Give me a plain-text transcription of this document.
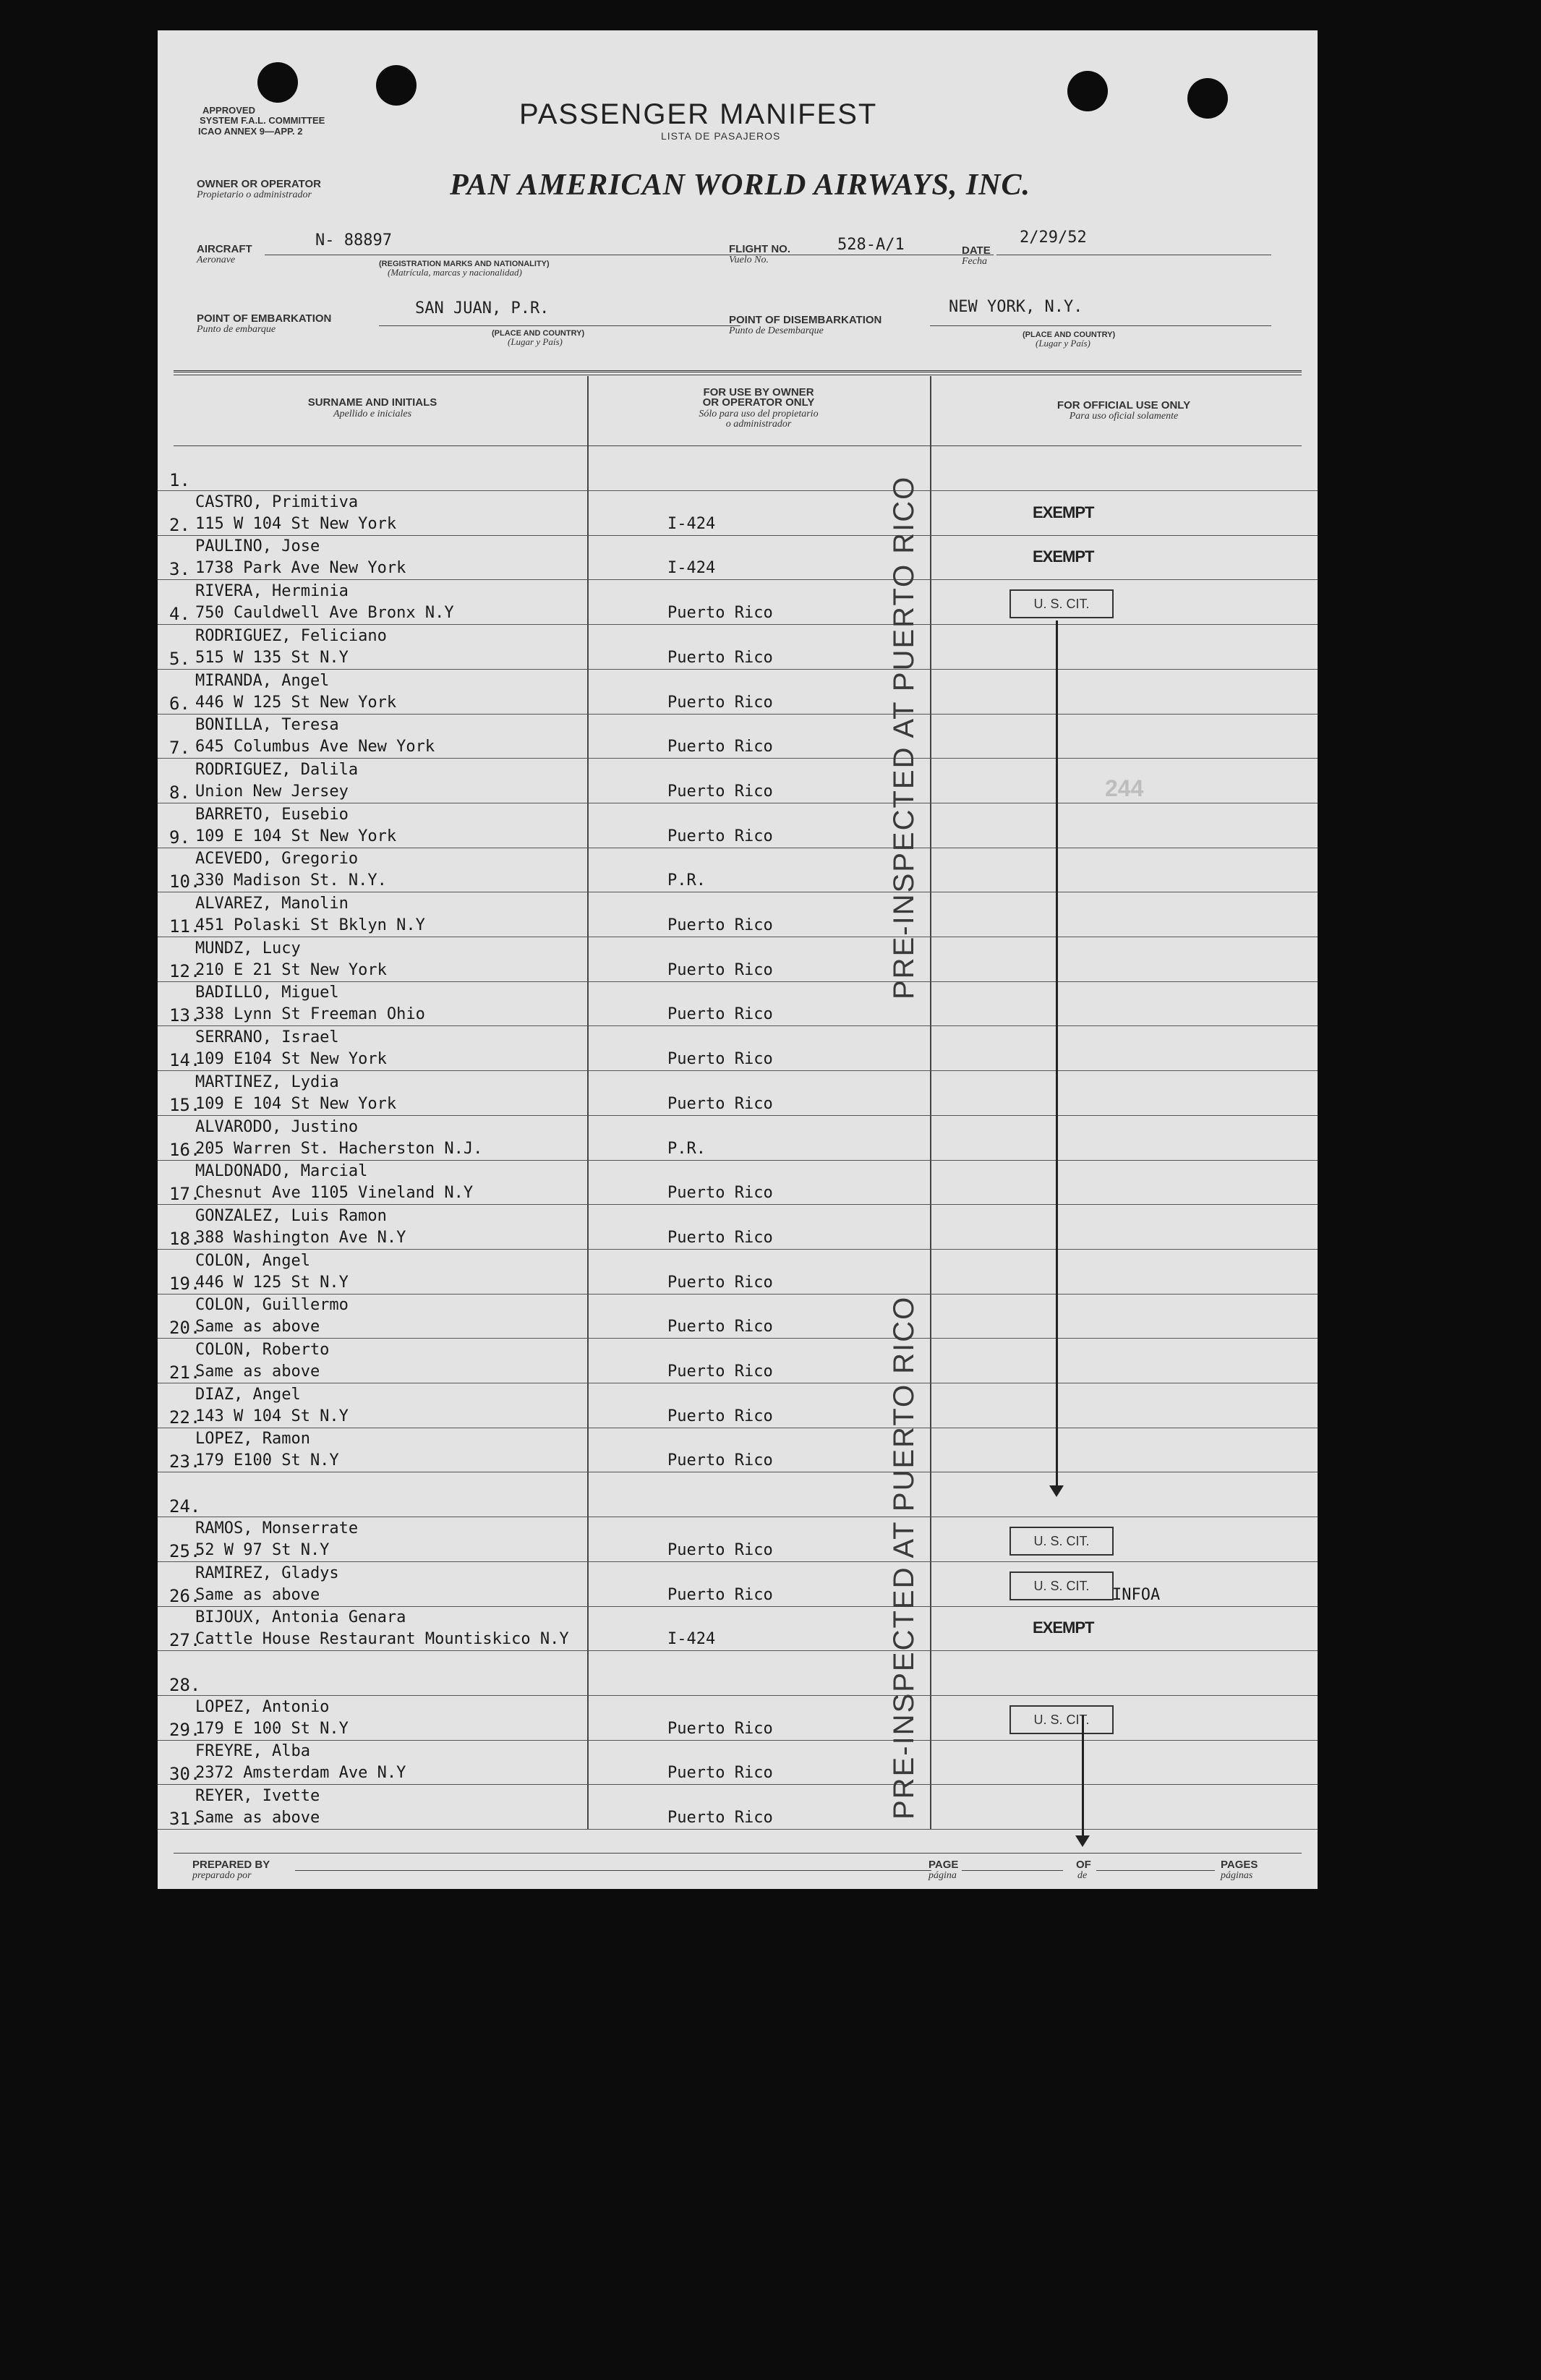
APPROVED
SYSTEM F.A.L. COMMITTEE
ICAO ANNEX 9—APP. 2
PASSENGER MANIFEST
LISTA DE PASAJEROS
OWNER OR OPERATOR
Propietario o administrador	PAN AMERICAN WORLD AIRWAYS, INC.
AIRCRAFT
Aeronave
N- 88897
(REGISTRATION MARKS AND NATIONALITY)
(Matrícula, marcas y nacionalidad)
FLIGHT NO.
Vuelo No.
528-A/1	DATE
Fecha
2/29/52
POINT OF EMBARKATION
Punto de embarque
SAN JUAN, P.R.
(PLACE AND COUNTRY)
(Lugar y País)
POINT OF DISEMBARKATION
Punto de Desembarque
NEW YORK, N.Y.
(PLACE AND COUNTRY)
(Lugar y País)
SURNAME AND INITIALS
Apellido e iniciales
FOR USE BY OWNER
OR OPERATOR ONLY
Sólo para uso del propietario
o administrador
FOR OFFICIAL USE ONLY
Para uso oficial solamente
1.
2.
CASTRO, Primitiva
115 W 104 St New York	I-424
EXEMPT
3.
PAULINO, Jose
1738 Park Ave New York	I-424
EXEMPT
4.
RIVERA, Herminia
750 Cauldwell Ave Bronx N.Y	Puerto Rico	U. S. CIT.
5.
RODRIGUEZ, Feliciano
515 W 135 St N.Y	Puerto Rico
6.
MIRANDA, Angel
446 W 125 St New York	Puerto Rico
7.
BONILLA, Teresa
645 Columbus Ave New York	Puerto Rico
8.
RODRIGUEZ, Dalila
Union New Jersey	Puerto Rico
9.
BARRETO, Eusebio
109 E 104 St New York	Puerto Rico
10.
ACEVEDO, Gregorio
330 Madison St. N.Y.	P.R.
11.
ALVAREZ, Manolin
451 Polaski St Bklyn N.Y	Puerto Rico
12.
MUNDZ, Lucy
210 E 21 St New York	Puerto Rico
13.
BADILLO, Miguel
338 Lynn St Freeman Ohio	Puerto Rico
14.
SERRANO, Israel
109 E104 St New York	Puerto Rico
15.
MARTINEZ, Lydia
109 E 104 St New York	Puerto Rico
16.
ALVARODO, Justino
205 Warren St. Hacherston N.J.	P.R.
17.
MALDONADO, Marcial
Chesnut Ave 1105 Vineland N.Y	Puerto Rico
18.
GONZALEZ, Luis Ramon
388 Washington Ave N.Y	Puerto Rico
19.
COLON, Angel
446 W 125 St N.Y	Puerto Rico
20.
COLON, Guillermo
Same as above	Puerto Rico
21.
COLON, Roberto
Same as above	Puerto Rico
22.
DIAZ, Angel
143 W 104 St N.Y	Puerto Rico
23.
LOPEZ, Ramon
179 E100 St N.Y	Puerto Rico
24.
25.
RAMOS, Monserrate
52 W 97 St N.Y	Puerto Rico	U. S. CIT.
26.
RAMIREZ, Gladys
Same as above	Puerto Rico	INFOA
U. S. CIT.
27.
BIJOUX, Antonia Genara
Cattle House Restaurant Mountiskico N.Y	I-424
EXEMPT
28.
29.
LOPEZ, Antonio
179 E 100 St N.Y	Puerto Rico	U. S. CIT.
30.
FREYRE, Alba
2372 Amsterdam Ave N.Y	Puerto Rico
31.
REYER, Ivette
Same as above	Puerto Rico
PRE-INSPECTED AT PUERTO RICO
PRE-INSPECTED AT PUERTO RICO
244
PREPARED BY
preparado por
PAGE
página
OF
de
PAGES
páginas
